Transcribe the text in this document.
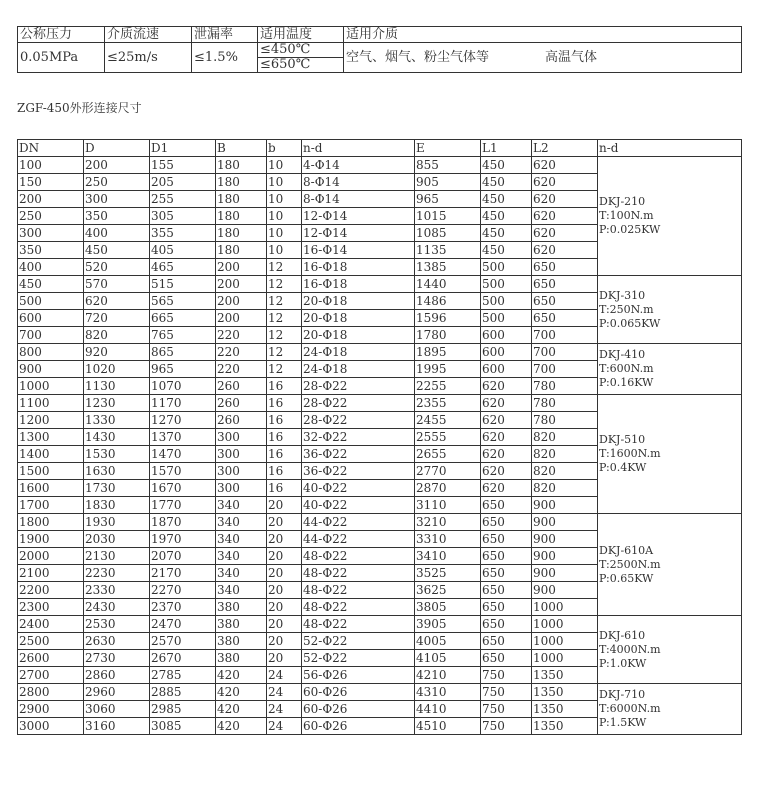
公称压力	介质流速	泄漏率	适用温度	适用介质
0.05MPa	≤25m/s	≤1.5%	≤450℃	空气、烟气、粉尘气体等 高温气体
			≤650℃	
ZGF-450外形连接尺寸
DN	D	D1	B	b	n-d	E	L1	L2	n-d
100	200	155	180	10	4-Φ14	855	450	620	DKJ-210
T:100N.m
P:0.025KW
150	250	205	180	10	8-Φ14	905	450	620	
200	300	255	180	10	8-Φ14	965	450	620	
250	350	305	180	10	12-Φ14	1015	450	620	
300	400	355	180	10	12-Φ14	1085	450	620	
350	450	405	180	10	16-Φ14	1135	450	620	
400	520	465	200	12	16-Φ18	1385	500	650	
450	570	515	200	12	16-Φ18	1440	500	650	DKJ-310
T:250N.m
P:0.065KW
500	620	565	200	12	20-Φ18	1486	500	650	
600	720	665	200	12	20-Φ18	1596	500	650	
700	820	765	220	12	20-Φ18	1780	600	700	
800	920	865	220	12	24-Φ18	1895	600	700	DKJ-410
T:600N.m
P:0.16KW
900	1020	965	220	12	24-Φ18	1995	600	700	
1000	1130	1070	260	16	28-Φ22	2255	620	780	
1100	1230	1170	260	16	28-Φ22	2355	620	780	DKJ-510
T:1600N.m
P:0.4KW
1200	1330	1270	260	16	28-Φ22	2455	620	780	
1300	1430	1370	300	16	32-Φ22	2555	620	820	
1400	1530	1470	300	16	36-Φ22	2655	620	820	
1500	1630	1570	300	16	36-Φ22	2770	620	820	
1600	1730	1670	300	16	40-Φ22	2870	620	820	
1700	1830	1770	340	20	40-Φ22	3110	650	900	
1800	1930	1870	340	20	44-Φ22	3210	650	900	DKJ-610A
T:2500N.m
P:0.65KW
1900	2030	1970	340	20	44-Φ22	3310	650	900	
2000	2130	2070	340	20	48-Φ22	3410	650	900	
2100	2230	2170	340	20	48-Φ22	3525	650	900	
2200	2330	2270	340	20	48-Φ22	3625	650	900	
2300	2430	2370	380	20	48-Φ22	3805	650	1000	
2400	2530	2470	380	20	48-Φ22	3905	650	1000	DKJ-610
T:4000N.m
P:1.0KW
2500	2630	2570	380	20	52-Φ22	4005	650	1000	
2600	2730	2670	380	20	52-Φ22	4105	650	1000	
2700	2860	2785	420	24	56-Φ26	4210	750	1350	
2800	2960	2885	420	24	60-Φ26	4310	750	1350	DKJ-710
T:6000N.m
P:1.5KW
2900	3060	2985	420	24	60-Φ26	4410	750	1350	
3000	3160	3085	420	24	60-Φ26	4510	750	1350	
